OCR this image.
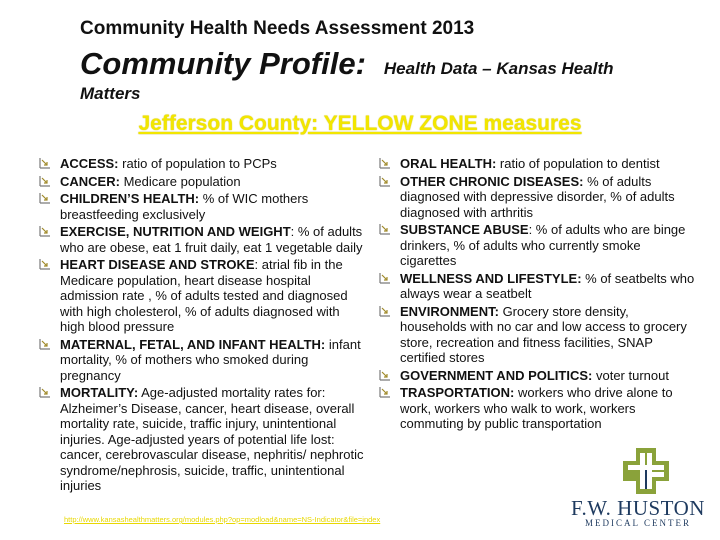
Community Health Needs Assessment 2013
Community Profile: Health Data – Kansas Health
Matters
Jefferson County: YELLOW ZONE measures
ACCESS: ratio of population to PCPs
CANCER: Medicare population
CHILDREN’S HEALTH: % of WIC mothers breastfeeding exclusively
EXERCISE, NUTRITION AND WEIGHT: % of adults who are obese, eat 1 fruit daily, eat 1 vegetable daily
HEART DISEASE AND STROKE: atrial fib in the Medicare population, heart disease hospital admission rate , % of adults tested and diagnosed with high cholesterol, % of adults diagnosed with high blood pressure
MATERNAL, FETAL, AND INFANT HEALTH: infant mortality, % of mothers who smoked during pregnancy
MORTALITY: Age-adjusted mortality rates for: Alzheimer’s Disease, cancer, heart disease, overall mortality rate, suicide, traffic injury, unintentional injuries. Age-adjusted years of potential life lost: cancer, cerebrovascular disease, nephritis/ nephrotic syndrome/nephrosis, suicide, traffic, unintentional injuries
ORAL HEALTH: ratio of population to dentist
OTHER CHRONIC DISEASES: % of adults diagnosed with depressive disorder, % of adults diagnosed with arthritis
SUBSTANCE ABUSE: % of adults who are binge drinkers, % of adults who currently smoke cigarettes
WELLNESS AND LIFESTYLE: % of seatbelts who always wear a seatbelt
ENVIRONMENT: Grocery store density, households with no car and low access to grocery store, recreation and fitness facilities, SNAP certified stores
GOVERNMENT AND POLITICS: voter turnout
TRASPORTATION: workers who drive alone to work, workers who walk to work, workers commuting by public transportation
http://www.kansashealthmatters.org/modules.php?op=modload&name=NS-Indicator&file=index	F.W. HUSTON
MEDICAL CENTER
